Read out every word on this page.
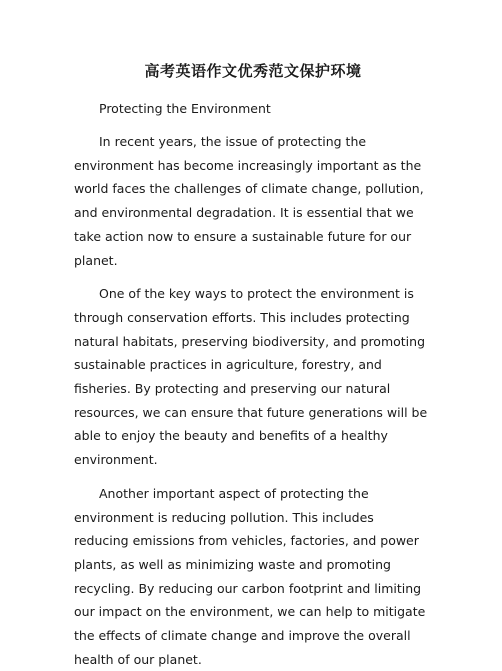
高考英语作文优秀范文保护环境
Protecting the Environment

In recent years, the issue of protecting the environment has become increasingly important as the world faces the challenges of climate change, pollution, and environmental degradation. It is essential that we take action now to ensure a sustainable future for our planet.

One of the key ways to protect the environment is through conservation efforts. This includes protecting natural habitats, preserving biodiversity, and promoting sustainable practices in agriculture, forestry, and fisheries. By protecting and preserving our natural resources, we can ensure that future generations will be able to enjoy the beauty and benefits of a healthy environment.

Another important aspect of protecting the environment is reducing pollution. This includes reducing emissions from vehicles, factories, and power plants, as well as minimizing waste and promoting recycling. By reducing our carbon footprint and limiting our impact on the environment, we can help to mitigate the effects of climate change and improve the overall health of our planet.
